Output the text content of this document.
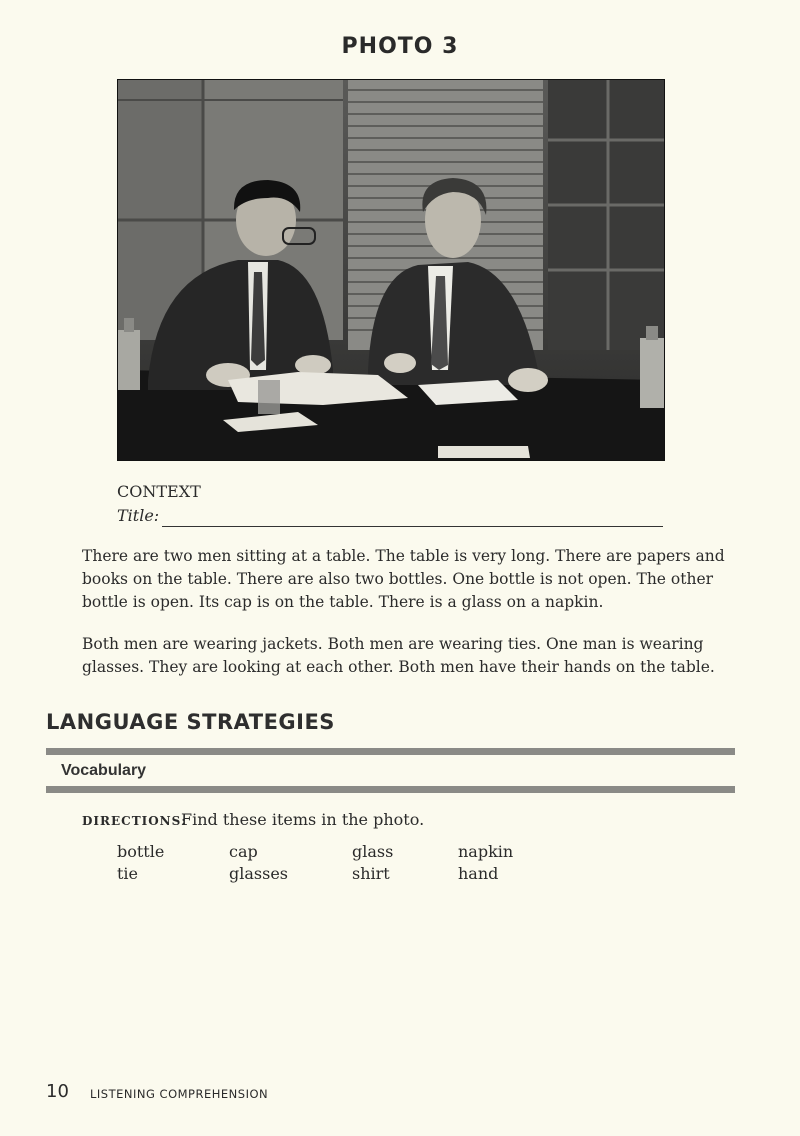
PHOTO 3
CONTEXT
Title:

There are two men sitting at a table. The table is very long. There are papers and books on the table. There are also two bottles. One bottle is not open. The other bottle is open. Its cap is on the table. There is a glass on a napkin.

Both men are wearing jackets. Both men are wearing ties. One man is wearing glasses. They are looking at each other. Both men have their hands on the table.

LANGUAGE STRATEGIES
Vocabulary
DIRECTIONS:
Find these items in the photo.
bottle	cap	glass	napkin
tie	glasses	shirt	hand
10 LISTENING COMPREHENSION
